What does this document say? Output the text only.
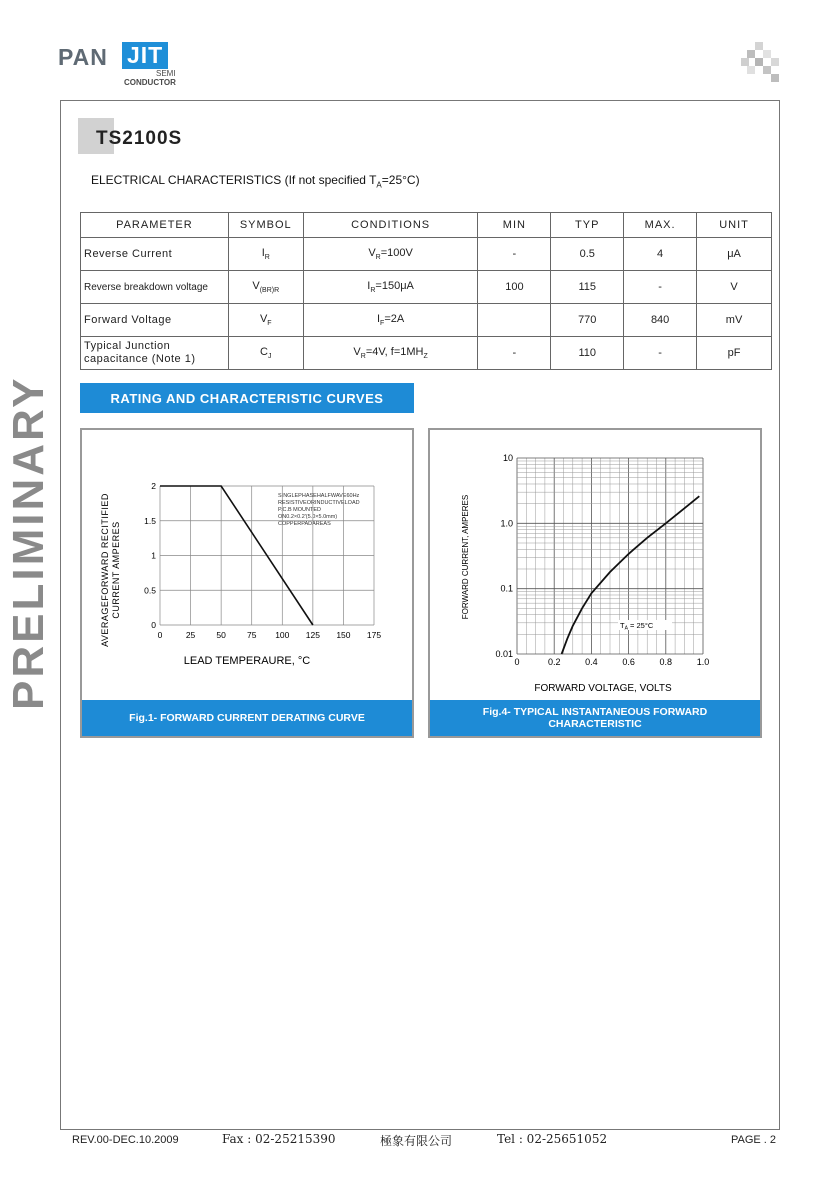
PAN JIT
SEMI
CONDUCTOR
PRELIMINARY
TS2100S
ELECTRICAL CHARACTERISTICS (If not specified $T_A=25^\circ C$)
PARAMETER	SYMBOL	CONDITIONS	MIN	TYP	MAX.	UNIT
Reverse Current	$I_R$	$V_R=100V$	-	0.5	4	μA
Reverse breakdown voltage	$V_{(BR)R}$	$I_R=150\mu A$	100	115	-	V
Forward Voltage	$V_F$	$I_F=2A$		770	840	mV
Typical Junction
capacitance (Note 1)	$C_J$	$V_R=4V$, $f=1MH_Z$	-	110	-	pF
RATING AND CHARACTERISTIC CURVES
AVERAGEFORWARD RECITIFIEDCURRENT AMPERES
LEAD TEMPERAURE, °C
SINGLEPHASEHALFWAVE60Hz
RESISTIVEORINDUCTIVELOAD
P.C.B MOUNTED
ON0.2×0.2'(5.0×5.0mm)
COPPERPADAREAS
0	25 50 75 100 125 150 175
0
0.5
1
1.5
2
Fig.1- FORWARD CURRENT DERATING CURVE
FORWARD CURRENT, AMPERES
FORWARD VOLTAGE, VOLTS
0	0.2	0.4	0.6	0.8	1.0
0.01
0.1
1.0
10
$T_A = 25^\circ C$
Fig.4- TYPICAL INSTANTANEOUS FORWARD
CHARACTERISTIC
REV.00-DEC.10.2009	Fax : 02-25215390	極象有限公司	Tel : 02-25651052	PAGE . 2
